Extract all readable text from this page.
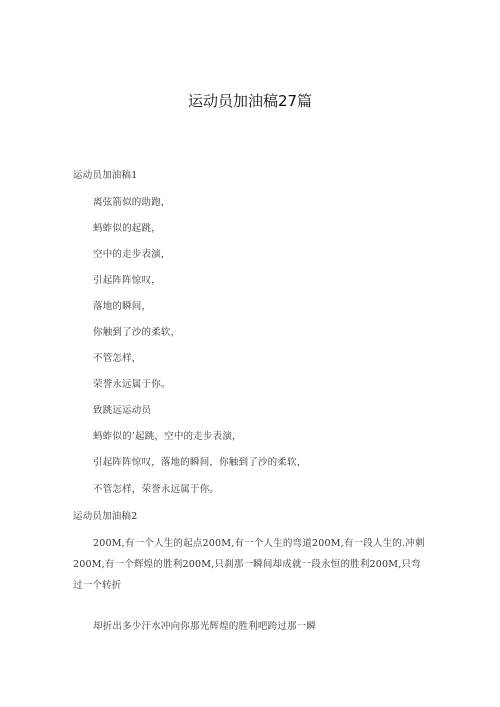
运动员加油稿27篇
运动员加油稿1
离弦箭似的助跑，
蚂蚱似的起跳，
空中的走步表演，
引起阵阵惊叹，
落地的瞬间，
你触到了沙的柔软，
不管怎样，
荣誉永远属于你。
致跳远运动员
蚂蚱似的’起跳，空中的走步表演，
引起阵阵惊叹，落地的瞬间，你触到了沙的柔软，
不管怎样，荣誉永远属于你。
运动员加油稿2
200M,有一个人生的起点200M,有一个人生的弯道200M,有一段人生的.冲刺200M,有一个辉煌的胜利200M,只刹那一瞬间却成就一段永恒的胜利200M,只弯过一个转折
却折出多少汗水冲向你那光辉煌的胜利吧跨过那一瞬
